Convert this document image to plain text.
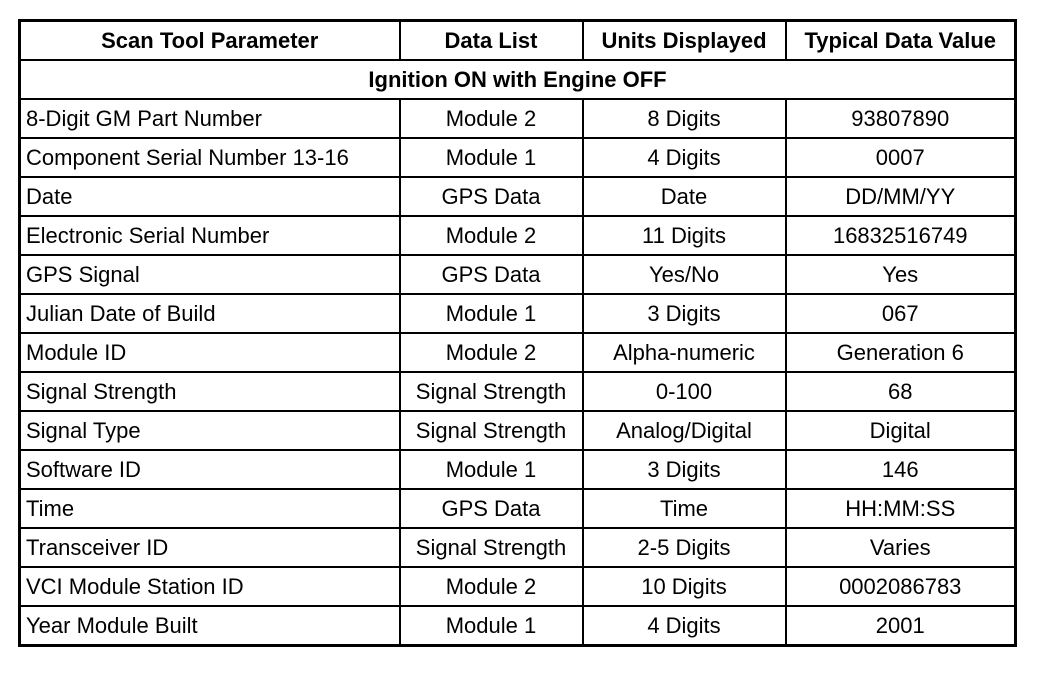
Scan Tool Parameter	Data List	Units Displayed	Typical Data Value
Ignition ON with Engine OFF			
8-Digit GM Part Number	Module 2	8 Digits	93807890
Component Serial Number 13-16	Module 1	4 Digits	0007
Date	GPS Data	Date	DD/MM/YY
Electronic Serial Number	Module 2	11 Digits	16832516749
GPS Signal	GPS Data	Yes/No	Yes
Julian Date of Build	Module 1	3 Digits	067
Module ID	Module 2	Alpha-numeric	Generation 6
Signal Strength	Signal Strength	0-100	68
Signal Type	Signal Strength	Analog/Digital	Digital
Software ID	Module 1	3 Digits	146
Time	GPS Data	Time	HH:MM:SS
Transceiver ID	Signal Strength	2-5 Digits	Varies
VCI Module Station ID	Module 2	10 Digits	0002086783
Year Module Built	Module 1	4 Digits	2001
